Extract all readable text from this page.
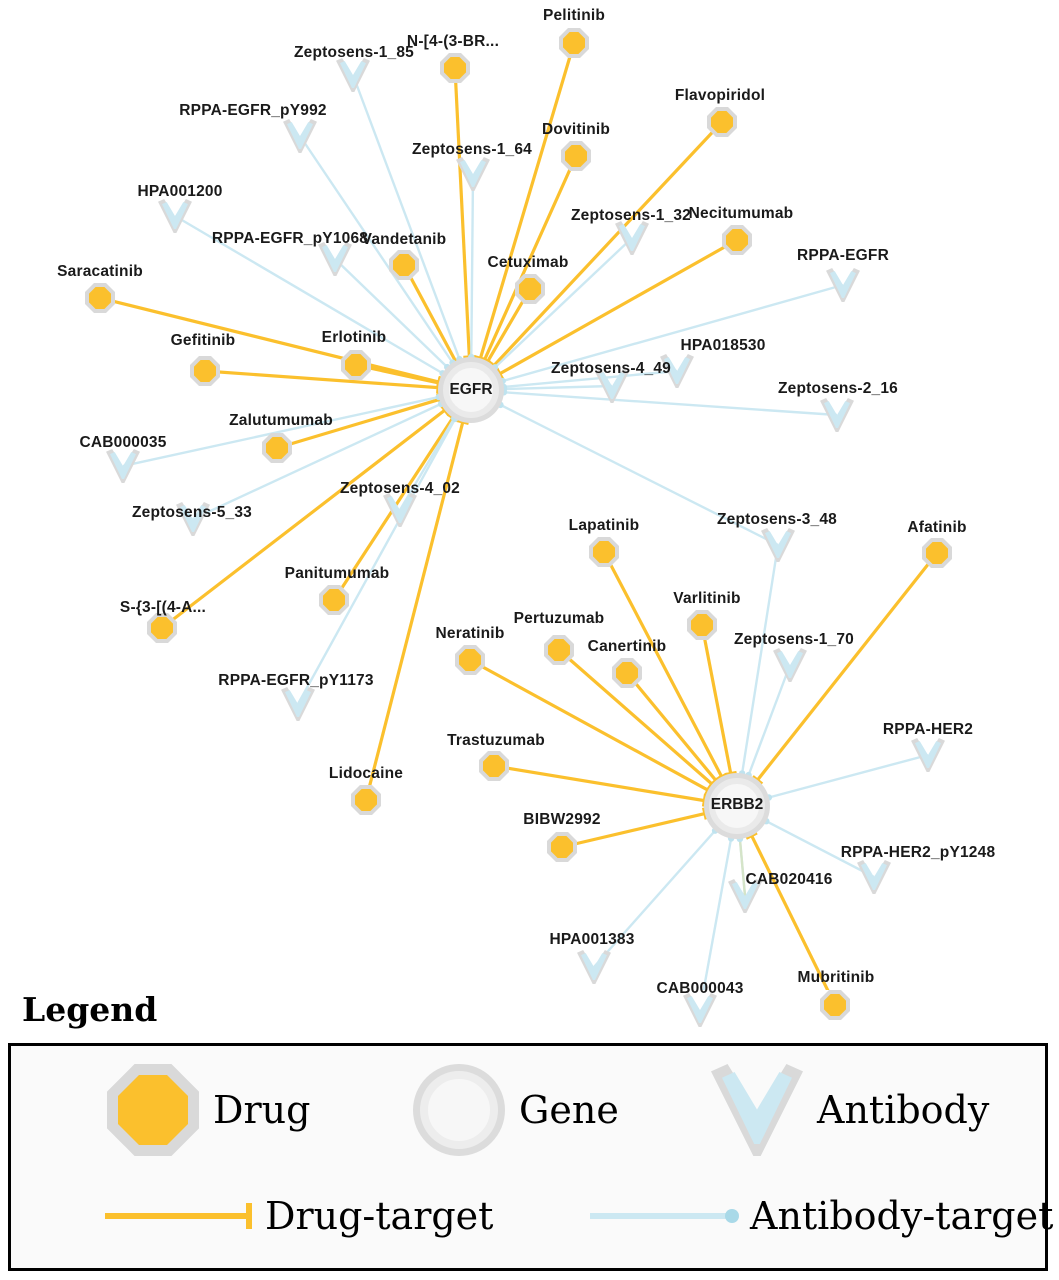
Pelitinib
N-[4-(3-BR...
Flavopiridol
Dovitinib
Necitumumab
Vandetanib
Cetuximab
Saracatinib
Gefitinib	Erlotinib
Zalutumumab
Afatinib
Lapatinib
Varlitinib
Panitumumab
S-{3-[(4-A...
Pertuzumab
Canertinib
Neratinib
Trastuzumab
Lidocaine
BIBW2992
Mubritinib
Zeptosens-1_85
RPPA-EGFR_pY992
Zeptosens-1_64
HPA001200
Zeptosens-1_32
RPPA-EGFR_pY1068
RPPA-EGFR
HPA018530
Zeptosens-4_49
Zeptosens-2_16
CAB000035
Zeptosens-4_02
Zeptosens-5_33	Zeptosens-3_48
Zeptosens-1_70
RPPA-EGFR_pY1173
RPPA-HER2
RPPA-HER2_pY1248
CAB020416
HPA001383
CAB000043
EGFR
ERBB2
Legend
Drug	Gene	Antibody
Drug-target	Antibody-target
